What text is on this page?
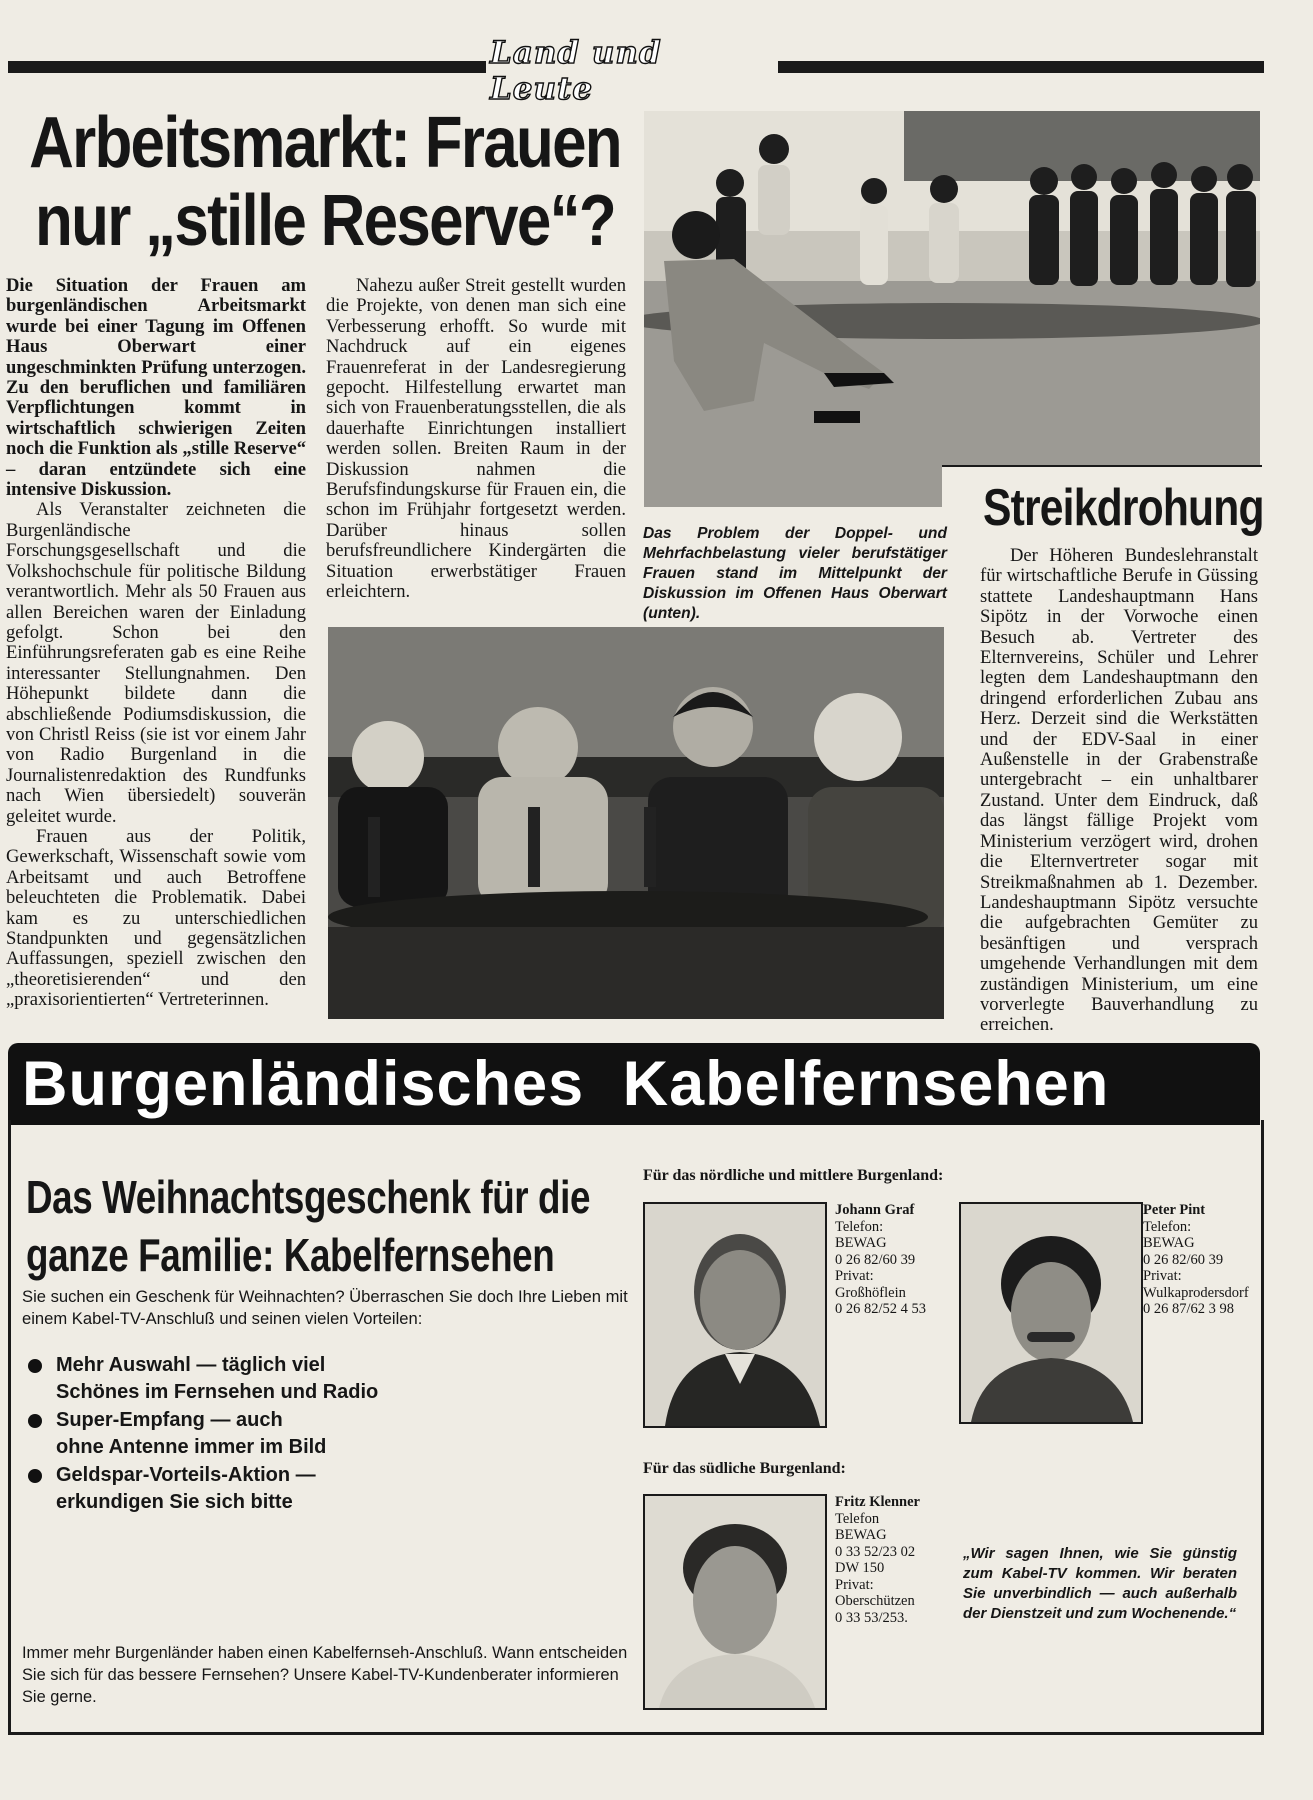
Land und Leute
Arbeitsmarkt: Frauen
nur „stille Reserve“?

Die Situation der Frauen am burgenländischen Arbeitsmarkt wurde bei einer Tagung im Offenen Haus Oberwart einer ungeschminkten Prüfung unterzogen. Zu den beruflichen und familiären Verpflichtungen kommt in wirtschaftlich schwierigen Zeiten noch die Funktion als „stille Reserve“ – daran entzündete sich eine intensive Diskussion.

Als Veranstalter zeichneten die Burgenländische Forschungsgesellschaft und die Volkshochschule für politische Bildung verantwortlich. Mehr als 50 Frauen aus allen Bereichen waren der Einladung gefolgt. Schon bei den Einführungsreferaten gab es eine Reihe interessanter Stellungnahmen. Den Höhepunkt bildete dann die abschließende Podiumsdiskussion, die von Christl Reiss (sie ist vor einem Jahr von Radio Burgenland in die Journalistenredaktion des Rundfunks nach Wien übersiedelt) souverän geleitet wurde.

Frauen aus der Politik, Gewerkschaft, Wissenschaft sowie vom Arbeitsamt und auch Betroffene beleuchteten die Problematik. Dabei kam es zu unterschiedlichen Standpunkten und gegensätzlichen Auffassungen, speziell zwischen den „theoretisierenden“ und den „praxisorientierten“ Vertreterinnen.

Nahezu außer Streit gestellt wurden die Projekte, von denen man sich eine Verbesserung erhofft. So wurde mit Nachdruck auf ein eigenes Frauenreferat in der Landesregierung gepocht. Hilfestellung erwartet man sich von Frauenberatungsstellen, die als dauerhafte Einrichtungen installiert werden sollen. Breiten Raum in der Diskussion nahmen die Berufsfindungskurse für Frauen ein, die schon im Frühjahr fortgesetzt werden. Darüber hinaus sollen berufsfreundlichere Kindergärten die Situation erwerbstätiger Frauen erleichtern.

Das Problem der Doppel- und Mehrfachbelastung vieler berufstätiger Frauen stand im Mittelpunkt der Diskussion im Offenen Haus Oberwart (unten).
Streikdrohung

Der Höheren Bundeslehranstalt für wirtschaftliche Berufe in Güssing stattete Landeshauptmann Hans Sipötz in der Vorwoche einen Besuch ab. Vertreter des Elternvereins, Schüler und Lehrer legten dem Landeshauptmann den dringend erforderlichen Zubau ans Herz. Derzeit sind die Werkstätten und der EDV-Saal in einer Außenstelle in der Grabenstraße untergebracht – ein unhaltbarer Zustand. Unter dem Eindruck, daß das längst fällige Projekt vom Ministerium verzögert wird, drohen die Elternvertreter sogar mit Streikmaßnahmen ab 1. Dezember. Landeshauptmann Sipötz versuchte die aufgebrachten Gemüter zu besänftigen und versprach umgehende Verhandlungen mit dem zuständigen Ministerium, um eine vorverlegte Bauverhandlung zu erreichen.

Burgenländisches Kabelfernsehen
Das Weihnachtsgeschenk für die
ganze Familie: Kabelfernsehen
Sie suchen ein Geschenk für Weihnachten? Überraschen Sie doch Ihre Lieben mit einem Kabel-TV-Anschluß und seinen vielen Vorteilen:
Mehr Auswahl — täglich viel
Schönes im Fernsehen und Radio
Super-Empfang — auch
ohne Antenne immer im Bild
Geldspar-Vorteils-Aktion —
erkundigen Sie sich bitte
Immer mehr Burgenländer haben einen Kabelfernseh-Anschluß. Wann entscheiden Sie sich für das bessere Fernsehen? Unsere Kabel-TV-Kundenberater informieren Sie gerne.
Für das nördliche und mittlere Burgenland:
Für das südliche Burgenland:
Johann Graf
Telefon:
BEWAG
0 26 82/60 39
Privat:
Großhöflein
0 26 82/52 4 53
Peter Pint
Telefon:
BEWAG
0 26 82/60 39
Privat:
Wulkaprodersdorf
0 26 87/62 3 98
Fritz Klenner
Telefon
BEWAG
0 33 52/23 02
DW 150
Privat:
Oberschützen
0 33 53/253.
„Wir sagen Ihnen, wie Sie günstig zum Kabel-TV kommen. Wir beraten Sie unverbindlich — auch außerhalb der Dienstzeit und zum Wochenende.“
